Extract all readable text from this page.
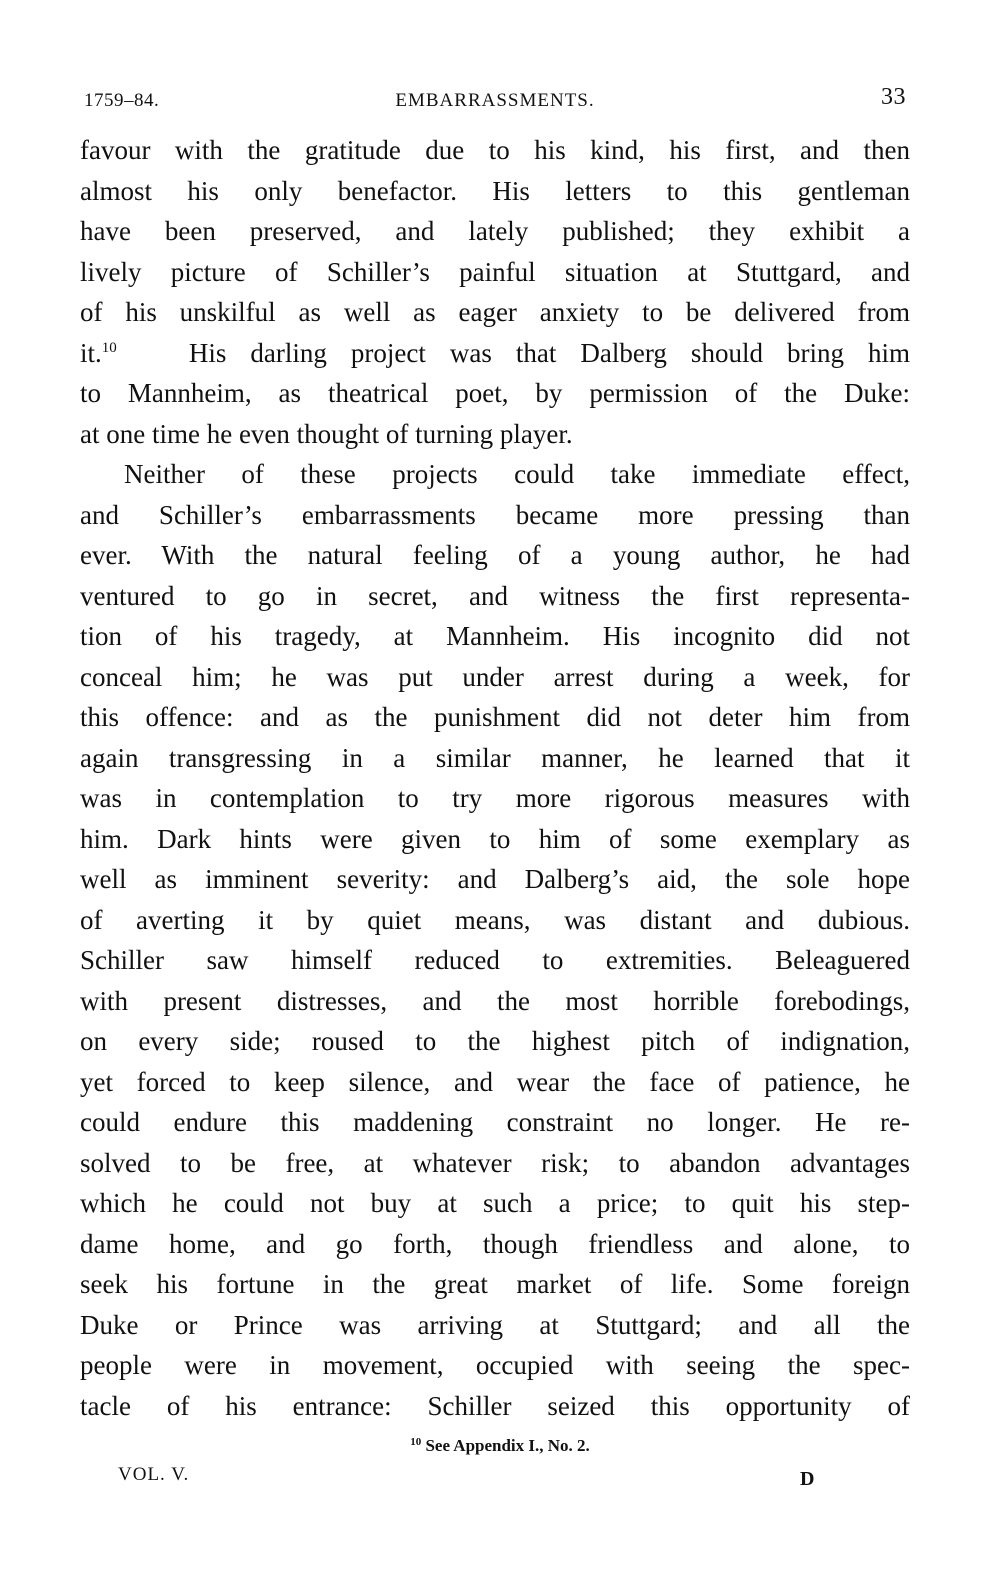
1759–84.	EMBARRASSMENTS.	33
favour with the gratitude due to his kind, his first, and then
almost his only benefactor. His letters to this gentleman
have been preserved, and lately published; they exhibit a
lively picture of Schiller’s painful situation at Stuttgard, and
of his unskilful as well as eager anxiety to be delivered from
it.$^{10}$	His darling project was that Dalberg should bring him
to Mannheim, as theatrical poet, by permission of the Duke:
at one time he even thought of turning player.
Neither of these projects could take immediate effect,
and Schiller’s embarrassments became more pressing than
ever. With the natural feeling of a young author, he had
ventured to go in secret, and witness the first representa-
tion of his tragedy, at Mannheim. His incognito did not
conceal him; he was put under arrest during a week, for
this offence: and as the punishment did not deter him from
again transgressing in a similar manner, he learned that it
was in contemplation to try more rigorous measures with
him. Dark hints were given to him of some exemplary as
well as imminent severity: and Dalberg’s aid, the sole hope
of averting it by quiet means, was distant and dubious.
Schiller saw himself reduced to extremities. Beleaguered
with present distresses, and the most horrible forebodings,
on every side; roused to the highest pitch of indignation,
yet forced to keep silence, and wear the face of patience, he
could endure this maddening constraint no longer. He re-
solved to be free, at whatever risk; to abandon advantages
which he could not buy at such a price; to quit his step-
dame home, and go forth, though friendless and alone, to
seek his fortune in the great market of life. Some foreign
Duke or Prince was arriving at Stuttgard; and all the
people were in movement, occupied with seeing the spec-
tacle of his entrance: Schiller seized this opportunity of
$^{10}$ See Appendix I., No. 2.
VOL. V.	D
